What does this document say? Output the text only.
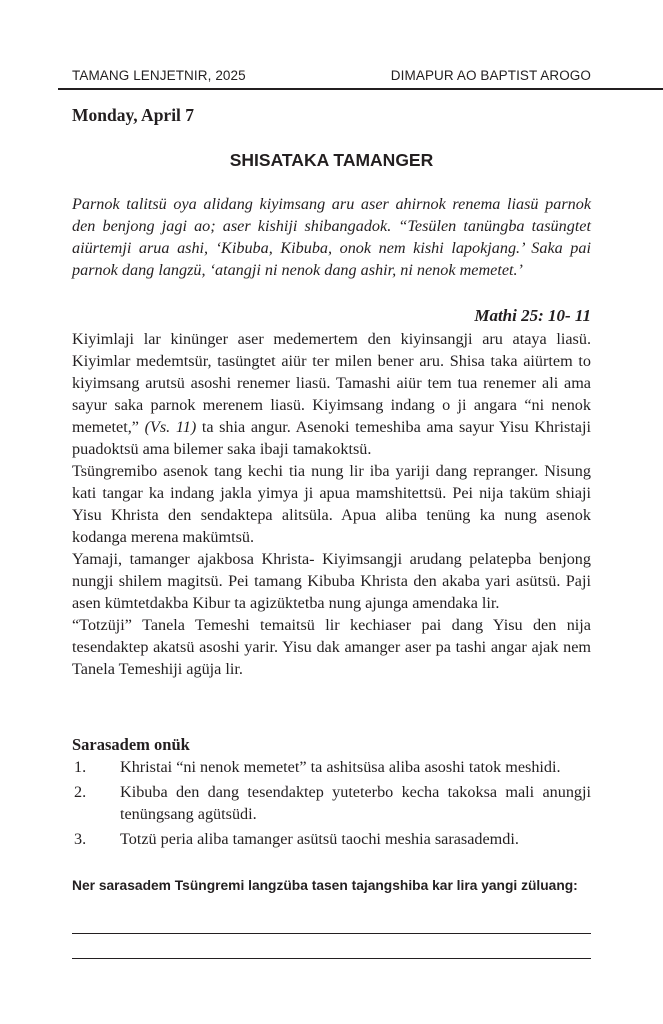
TAMANG LENJETNIR, 2025	DIMAPUR AO BAPTIST AROGO
Monday, April 7
SHISATAKA TAMANGER
Parnok talitsü oya alidang kiyimsang aru aser ahirnok renema liasü parnok den benjong jagi ao; aser kishiji shibangadok. “Tesülen tanüngba tasüngtet aiürtemji arua ashi, ‘Kibuba, Kibuba, onok nem kishi lapokjang.’ Saka pai parnok dang langzü, ‘atangji ni nenok dang ashir, ni nenok memetet.’
Mathi 25: 10- 11

Kiyimlaji lar kinünger aser medemertem den kiyinsangji aru ataya liasü. Kiyimlar medemtsür, tasüngtet aiür ter milen bener aru. Shisa taka aiürtem to kiyimsang arutsü asoshi renemer liasü. Tamashi aiür tem tua renemer ali ama sayur saka parnok merenem liasü. Kiyimsang indang o ji angara “ni nenok memetet,” (Vs. 11) ta shia angur. Asenoki temeshiba ama sayur Yisu Khristaji puadoktsü ama bilemer saka ibaji tamakoktsü.

Tsüngremibo asenok tang kechi tia nung lir iba yariji dang repranger. Nisung kati tangar ka indang jakla yimya ji apua mamshitettsü. Pei nija taküm shiaji Yisu Khrista den sendaktepa alitsüla. Apua aliba tenüng ka nung asenok kodanga merena makümtsü.

Yamaji, tamanger ajakbosa Khrista- Kiyimsangji arudang pelatepba benjong nungji shilem magitsü. Pei tamang Kibuba Khrista den akaba yari asütsü. Paji asen kümtetdakba Kibur ta agizüktetba nung ajunga amendaka lir.

“Totzüji” Tanela Temeshi temaitsü lir kechiaser pai dang Yisu den nija tesendaktep akatsü asoshi yarir. Yisu dak amanger aser pa tashi angar ajak nem Tanela Temeshiji agüja lir.

Sarasadem onük
1. Khristai “ni nenok memetet” ta ashitsüsa aliba asoshi tatok meshidi.
2. Kibuba den dang tesendaktep yuteterbo kecha takoksa mali anungji tenüngsang agütsüdi.
3. Totzü peria aliba tamanger asütsü taochi meshia sarasademdi.
Ner sarasadem Tsüngremi langzüba tasen tajangshiba kar lira yangi züluang:
